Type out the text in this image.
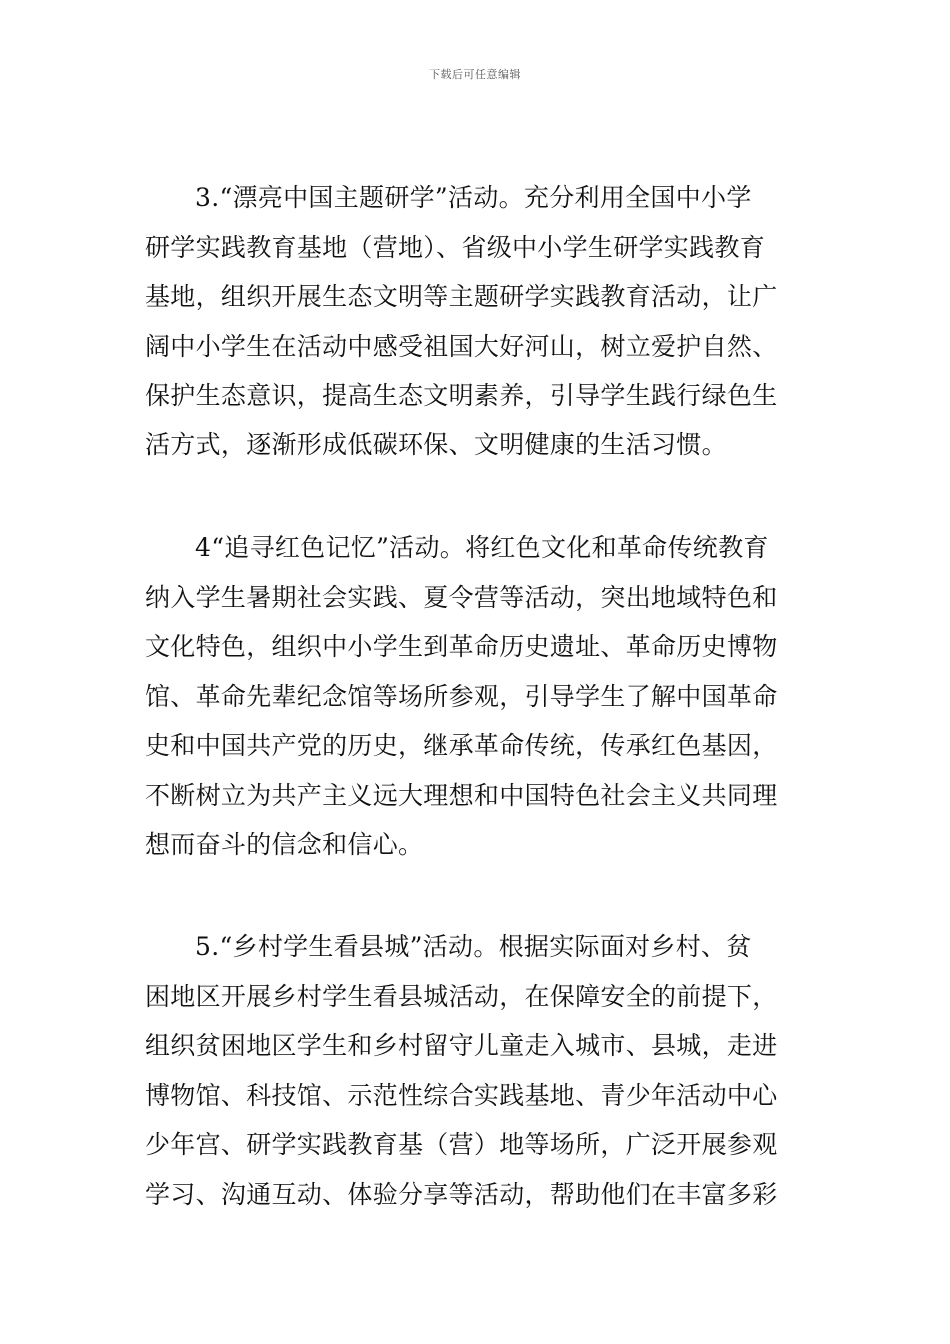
下载后可任意编辑
3.“漂亮中国主题研学”活动。充分利用全国中小学
研学实践教育基地（营地）、省级中小学生研学实践教育
基地，组织开展生态文明等主题研学实践教育活动，让广
阔中小学生在活动中感受祖国大好河山，树立爱护自然、
保护生态意识，提高生态文明素养，引导学生践行绿色生
活方式，逐渐形成低碳环保、文明健康的生活习惯。
4“追寻红色记忆”活动。将红色文化和革命传统教育
纳入学生暑期社会实践、夏令营等活动，突出地域特色和
文化特色，组织中小学生到革命历史遗址、革命历史博物
馆、革命先辈纪念馆等场所参观，引导学生了解中国革命
史和中国共产党的历史，继承革命传统，传承红色基因，
不断树立为共产主义远大理想和中国特色社会主义共同理
想而奋斗的信念和信心。
5.“乡村学生看县城”活动。根据实际面对乡村、贫
困地区开展乡村学生看县城活动，在保障安全的前提下，
组织贫困地区学生和乡村留守儿童走入城市、县城，走进
博物馆、科技馆、示范性综合实践基地、青少年活动中心
少年宫、研学实践教育基（营）地等场所，广泛开展参观
学习、沟通互动、体验分享等活动，帮助他们在丰富多彩
